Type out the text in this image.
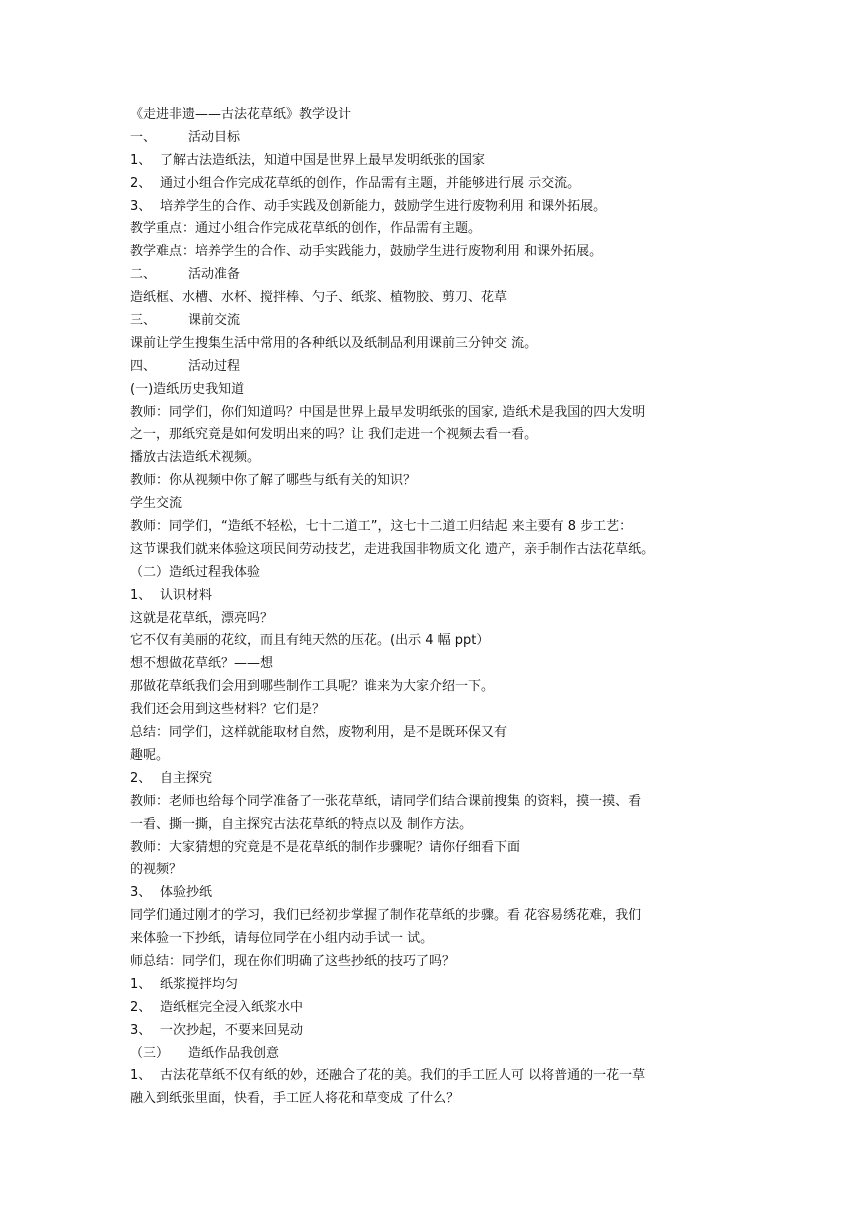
《走进非遗——古法花草纸》教学设计
一、 活动目标
1、 了解古法造纸法，知道中国是世界上最早发明纸张的国家
2、 通过小组合作完成花草纸的创作，作品需有主题，并能够进行展 示交流。
3、 培养学生的合作、动手实践及创新能力，鼓励学生进行废物利用 和课外拓展。
教学重点：通过小组合作完成花草纸的创作，作品需有主题。
教学难点：培养学生的合作、动手实践能力，鼓励学生进行废物利用 和课外拓展。
二、 活动准备
造纸框、水槽、水杯、搅拌棒、勺子、纸浆、植物胶、剪刀、花草
三、 课前交流
课前让学生搜集生活中常用的各种纸以及纸制品利用课前三分钟交 流。
四、 活动过程
(一)造纸历史我知道
教师：同学们，你们知道吗？中国是世界上最早发明纸张的国家, 造纸术是我国的四大发明
之一，那纸究竟是如何发明出来的吗？让 我们走进一个视频去看一看。
播放古法造纸术视频。
教师：你从视频中你了解了哪些与纸有关的知识？
学生交流
教师：同学们，“造纸不轻松，七十二道工”，这七十二道工归结起 来主要有 8 步工艺：
这节课我们就来体验这项民间劳动技艺，走进我国非物质文化 遗产，亲手制作古法花草纸。
（二）造纸过程我体验
1、 认识材料
这就是花草纸，漂亮吗？
它不仅有美丽的花纹，而且有纯天然的压花。(出示 4 幅 ppt）
想不想做花草纸？——想
那做花草纸我们会用到哪些制作工具呢？谁来为大家介绍一下。
我们还会用到这些材料？它们是？
总结：同学们，这样就能取材自然，废物利用，是不是既环保又有
趣呢。
2、 自主探究
教师：老师也给每个同学准备了一张花草纸，请同学们结合课前搜集 的资料，摸一摸、看
一看、撕一撕，自主探究古法花草纸的特点以及 制作方法。
教师：大家猜想的究竟是不是花草纸的制作步骤呢？请你仔细看下面
的视频？
3、 体验抄纸
同学们通过刚才的学习，我们已经初步掌握了制作花草纸的步骤。看 花容易绣花难，我们
来体验一下抄纸，请每位同学在小组内动手试一 试。
师总结：同学们，现在你们明确了这些抄纸的技巧了吗？
1、 纸浆搅拌均匀
2、 造纸框完全浸入纸浆水中
3、 一次抄起，不要来回晃动
（三） 造纸作品我创意
1、 古法花草纸不仅有纸的妙，还融合了花的美。我们的手工匠人可 以将普通的一花一草
融入到纸张里面，快看，手工匠人将花和草变成 了什么？
